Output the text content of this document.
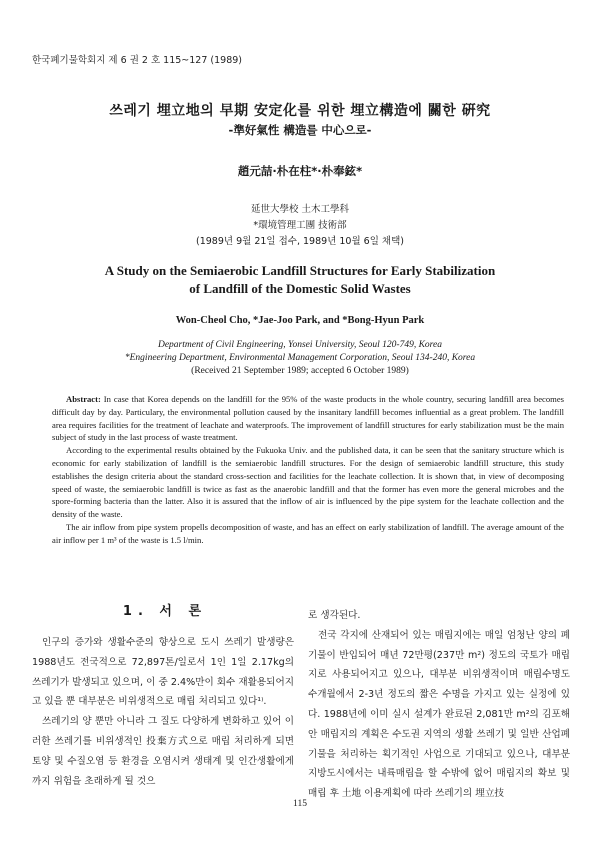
한국폐기물학회지 제 6 권 2 호 115~127 (1989)
쓰레기 埋立地의 早期 安定化를 위한 埋立構造에 關한 硏究
-準好氣性 構造를 中心으로-
趙元喆·朴在柱*·朴奉鉉*
延世大學校 土木工學科
*環境管理工團 技術部
(1989년 9월 21일 접수, 1989년 10월 6일 채택)
A Study on the Semiaerobic Landfill Structures for Early Stabilization
of Landfill of the Domestic Solid Wastes
Won-Cheol Cho, *Jae-Joo Park, and *Bong-Hyun Park
Department of Civil Engineering, Yonsei University, Seoul 120-749, Korea
*Engineering Department, Environmental Management Corporation, Seoul 134-240, Korea
(Received 21 September 1989; accepted 6 October 1989)

Abstract: In case that Korea depends on the landfill for the 95% of the waste products in the whole country, securing landfill area becomes difficult day by day. Particulary, the environmental pollution caused by the insanitary landfill becomes influential as a great problem. The landfill area requires facilities for the treatment of leachate and waterproofs. The improvement of landfill structures for early stabilization must be the main subject of study in the last process of waste treatment.

According to the experimental results obtained by the Fukuoka Univ. and the published data, it can be seen that the sanitary structure which is economic for early stabilization of landfill is the semiaerobic landfill structures. For the design of semiaerobic landfill structure, this study establishes the design criteria about the standard cross-section and facilities for the leachate collection. It is shown that, in view of decomposing speed of waste, the semiaerobic landfill is twice as fast as the anaerobic landfill and that the former has even more the general microbes and the spore-forming bacteria than the latter. Also it is assured that the inflow of air is influenced by the pipe system for the leachate collection and the density of the waste.

The air inflow from pipe system propells decomposition of waste, and has an effect on early stabilization of landfill. The average amount of the air inflow per 1 m³ of the waste is 1.5 l/min.

1. 서 론

인구의 증가와 생활수준의 향상으로 도시 쓰레기 발생량은 1988년도 전국적으로 72,897톤/일로서 1인 1일 2.17kg의 쓰레기가 발생되고 있으며, 이 중 2.4%만이 회수 재활용되어지고 있을 뿐 대부분은 비위생적으로 매립 처리되고 있다¹⁾.

쓰레기의 양 뿐만 아니라 그 질도 다양하게 변화하고 있어 이러한 쓰레기를 비위생적인 投棄方式으로 매립 처리하게 되면 토양 및 수질오염 등 환경을 오염시켜 생태계 및 인간생활에게까지 위험을 초래하게 될 것으

로 생각된다.

전국 각지에 산재되어 있는 매립지에는 매일 엄청난 양의 폐기물이 반입되어 매년 72만평(237만 m²) 정도의 국토가 매립지로 사용되어지고 있으나, 대부분 비위생적이며 매립수명도 수개월에서 2-3년 정도의 짧은 수명을 가지고 있는 실정에 있다. 1988년에 이미 실시 설계가 완료된 2,081만 m²의 김포해안 매립지의 계획은 수도권 지역의 생활 쓰레기 및 일반 산업폐기물을 처리하는 획기적인 사업으로 기대되고 있으나, 대부분 지방도시에서는 내륙매립을 할 수밖에 없어 매립지의 확보 및 매립 후 土地 이용계획에 따라 쓰레기의 埋立技

115
